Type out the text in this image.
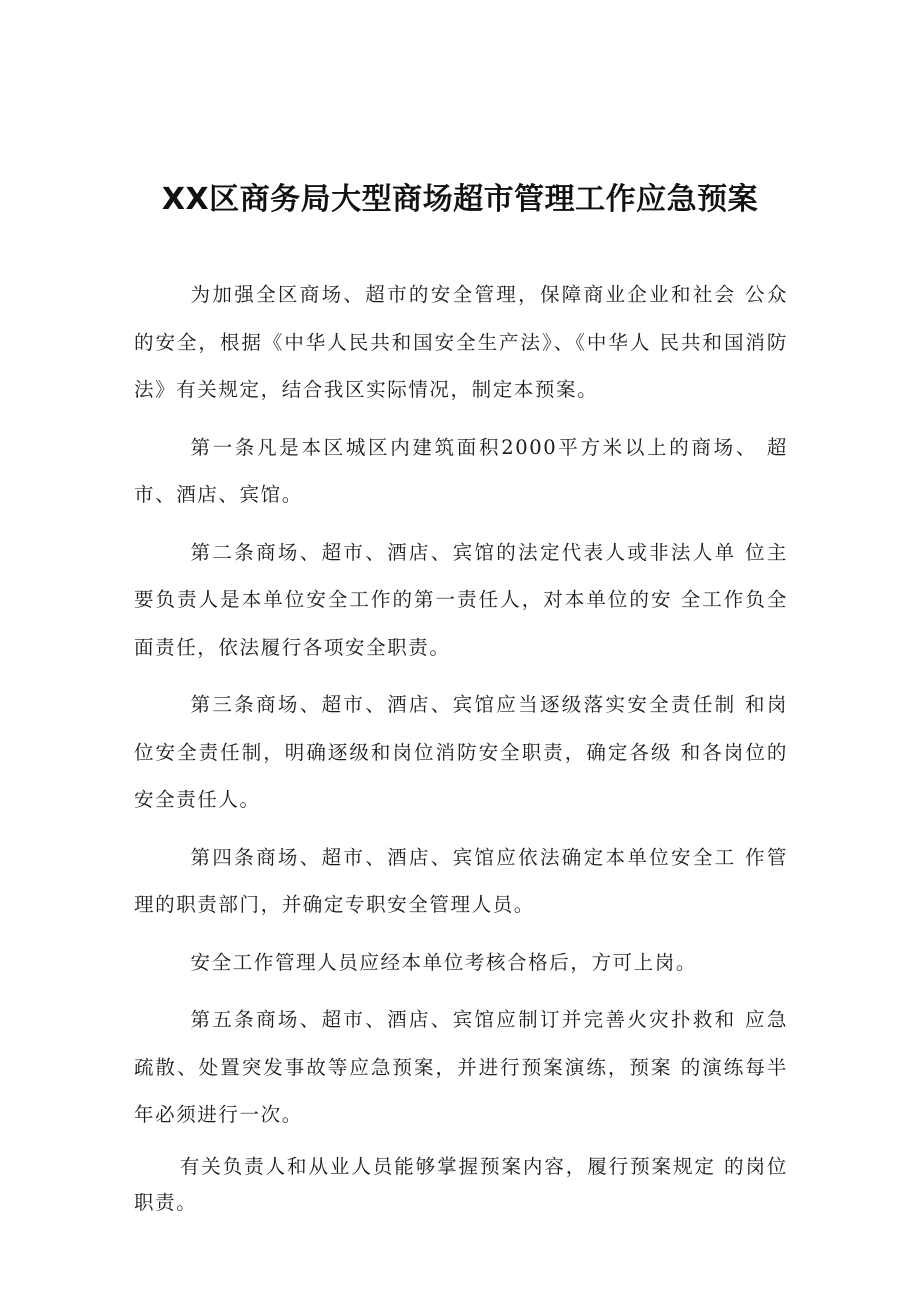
XX区商务局大型商场超市管理工作应急预案

为加强全区商场、超市的安全管理，保障商业企业和社会 公众的安全，根据《中华人民共和国安全生产法》、《中华人 民共和国消防法》有关规定，结合我区实际情况，制定本预案。

第一条凡是本区城区内建筑面积2000平方米以上的商场、 超市、酒店、宾馆。

第二条商场、超市、酒店、宾馆的法定代表人或非法人单 位主要负责人是本单位安全工作的第一责任人，对本单位的安 全工作负全面责任，依法履行各项安全职责。

第三条商场、超市、酒店、宾馆应当逐级落实安全责任制 和岗位安全责任制，明确逐级和岗位消防安全职责，确定各级 和各岗位的安全责任人。

第四条商场、超市、酒店、宾馆应依法确定本单位安全工 作管理的职责部门，并确定专职安全管理人员。

安全工作管理人员应经本单位考核合格后，方可上岗。

第五条商场、超市、酒店、宾馆应制订并完善火灾扑救和 应急疏散、处置突发事故等应急预案，并进行预案演练，预案 的演练每半年必须进行一次。

有关负责人和从业人员能够掌握预案内容，履行预案规定 的岗位职责。
